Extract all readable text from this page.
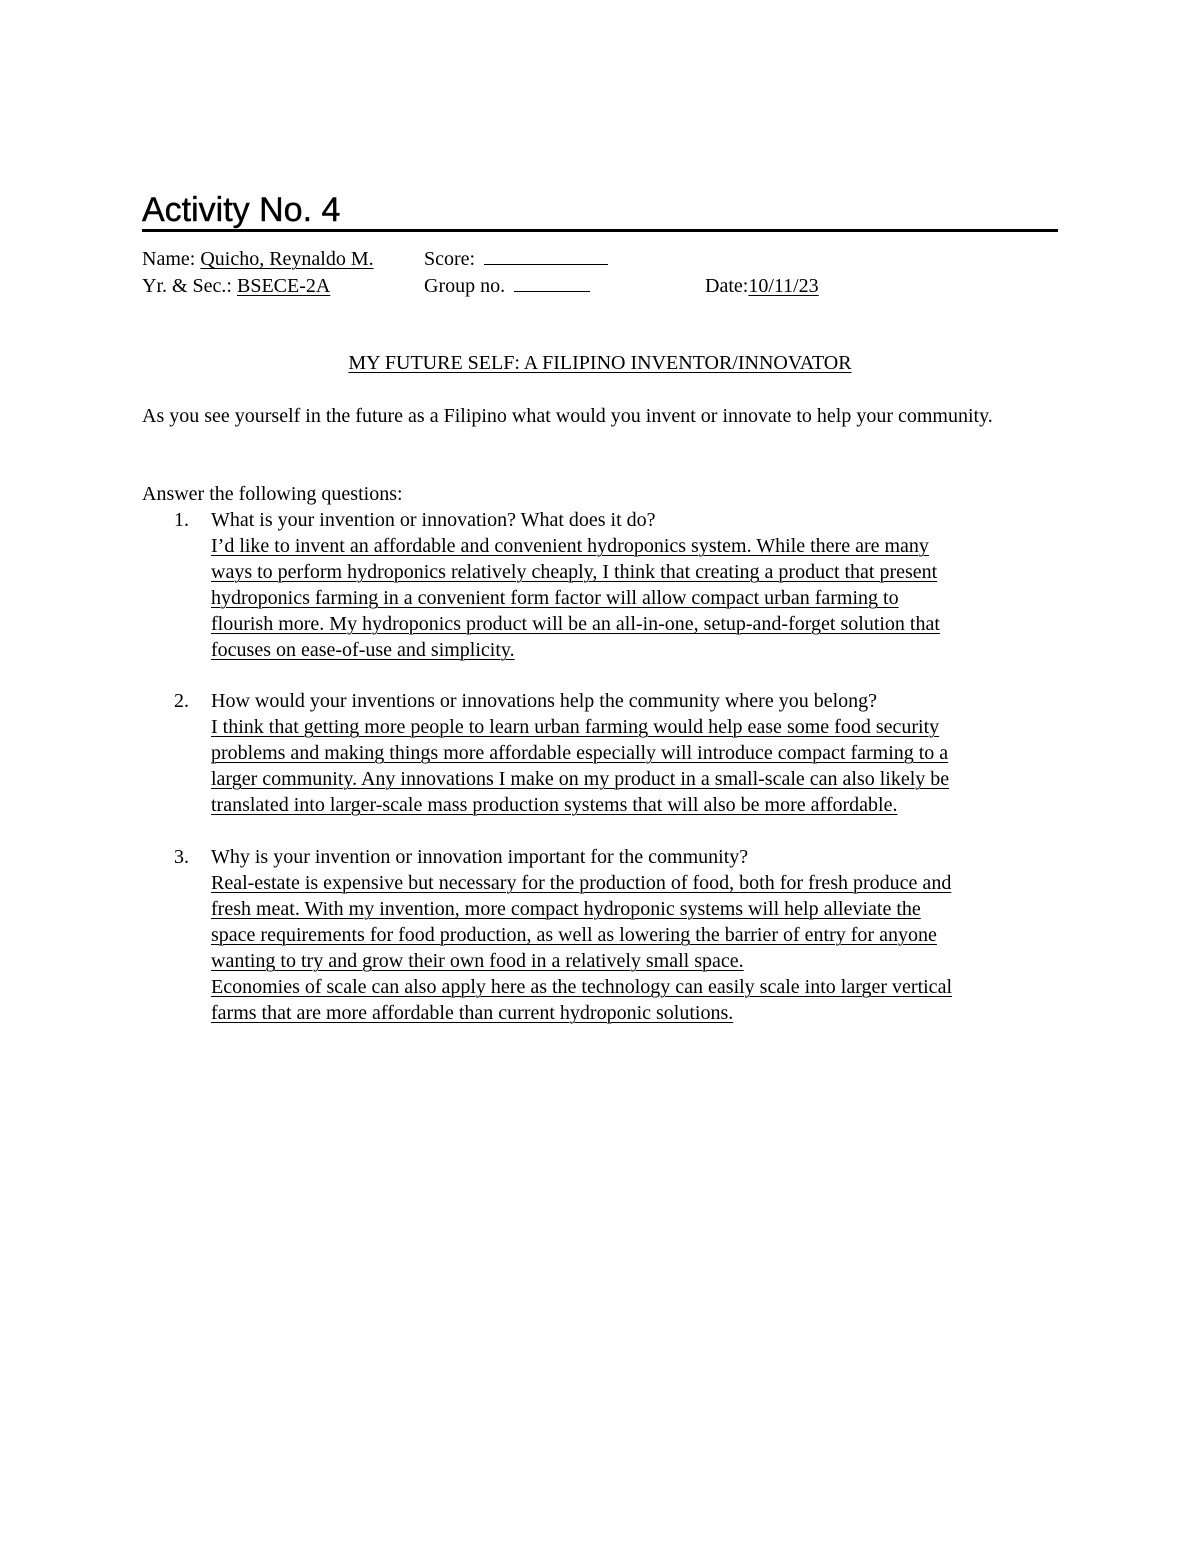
Activity No. 4
Name: Quicho, Reynaldo M.	Score:
Yr. & Sec.: BSECE-2A	Group no.	Date:10/11/23
MY FUTURE SELF: A FILIPINO INVENTOR/INNOVATOR

As you see yourself in the future as a Filipino what would you invent or innovate to help your community.

Answer the following questions:

1. What is your invention or innovation? What does it do?

I’d like to invent an affordable and convenient hydroponics system. While there are many
ways to perform hydroponics relatively cheaply, I think that creating a product that present
hydroponics farming in a convenient form factor will allow compact urban farming to
flourish more. My hydroponics product will be an all-in-one, setup-and-forget solution that
focuses on ease-of-use and simplicity.
2. How would your inventions or innovations help the community where you belong?

I think that getting more people to learn urban farming would help ease some food security
problems and making things more affordable especially will introduce compact farming to a
larger community. Any innovations I make on my product in a small-scale can also likely be
translated into larger-scale mass production systems that will also be more affordable.
3. Why is your invention or innovation important for the community?

Real-estate is expensive but necessary for the production of food, both for fresh produce and
fresh meat. With my invention, more compact hydroponic systems will help alleviate the
space requirements for food production, as well as lowering the barrier of entry for anyone
wanting to try and grow their own food in a relatively small space.
Economies of scale can also apply here as the technology can easily scale into larger vertical
farms that are more affordable than current hydroponic solutions.
